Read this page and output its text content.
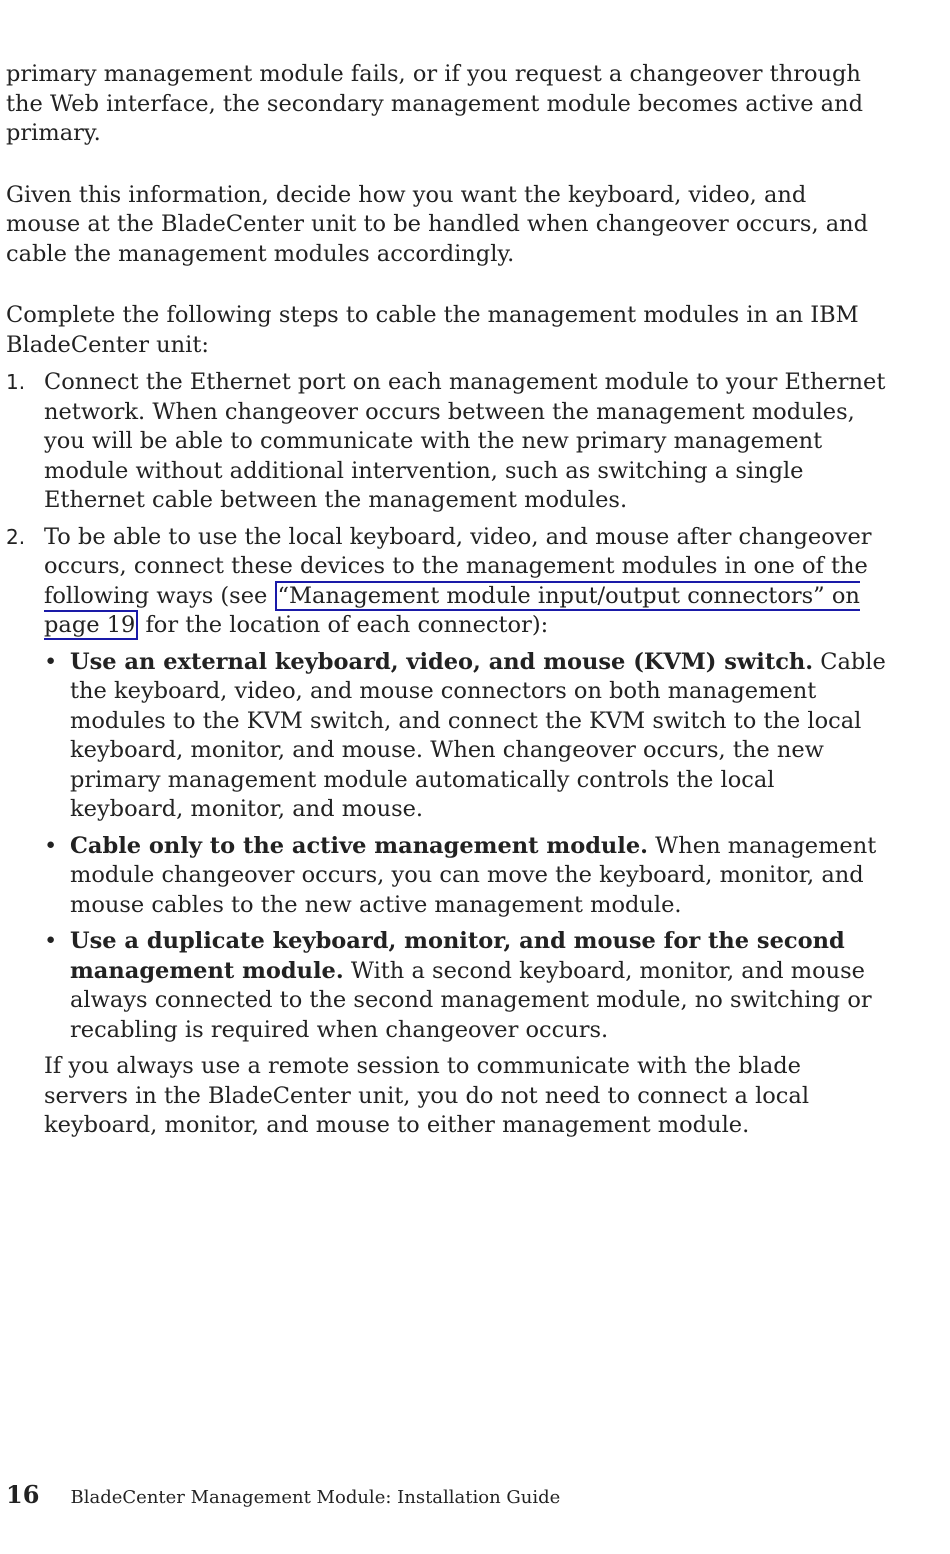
primary management module fails, or if you request a changeover through the Web interface, the secondary management module becomes active and primary.

Given this information, decide how you want the keyboard, video, and mouse at the BladeCenter unit to be handled when changeover occurs, and cable the management modules accordingly.

Complete the following steps to cable the management modules in an IBM BladeCenter unit:

1. Connect the Ethernet port on each management module to your Ethernet network. When changeover occurs between the management modules, you will be able to communicate with the new primary management module without additional intervention, such as switching a single Ethernet cable between the management modules.
2. To be able to use the local keyboard, video, and mouse after changeover occurs, connect these devices to the management modules in one of the following ways (see “Management module input/output connectors” on page 19 for the location of each connector):
• Use an external keyboard, video, and mouse (KVM) switch. Cable the keyboard, video, and mouse connectors on both management modules to the KVM switch, and connect the KVM switch to the local keyboard, monitor, and mouse. When changeover occurs, the new primary management module automatically controls the local keyboard, monitor, and mouse.
• Cable only to the active management module. When management module changeover occurs, you can move the keyboard, monitor, and mouse cables to the new active management module.
• Use a duplicate keyboard, monitor, and mouse for the second management module. With a second keyboard, monitor, and mouse always connected to the second management module, no switching or recabling is required when changeover occurs.

If you always use a remote session to communicate with the blade servers in the BladeCenter unit, you do not need to connect a local keyboard, monitor, and mouse to either management module.

16 BladeCenter Management Module: Installation Guide
